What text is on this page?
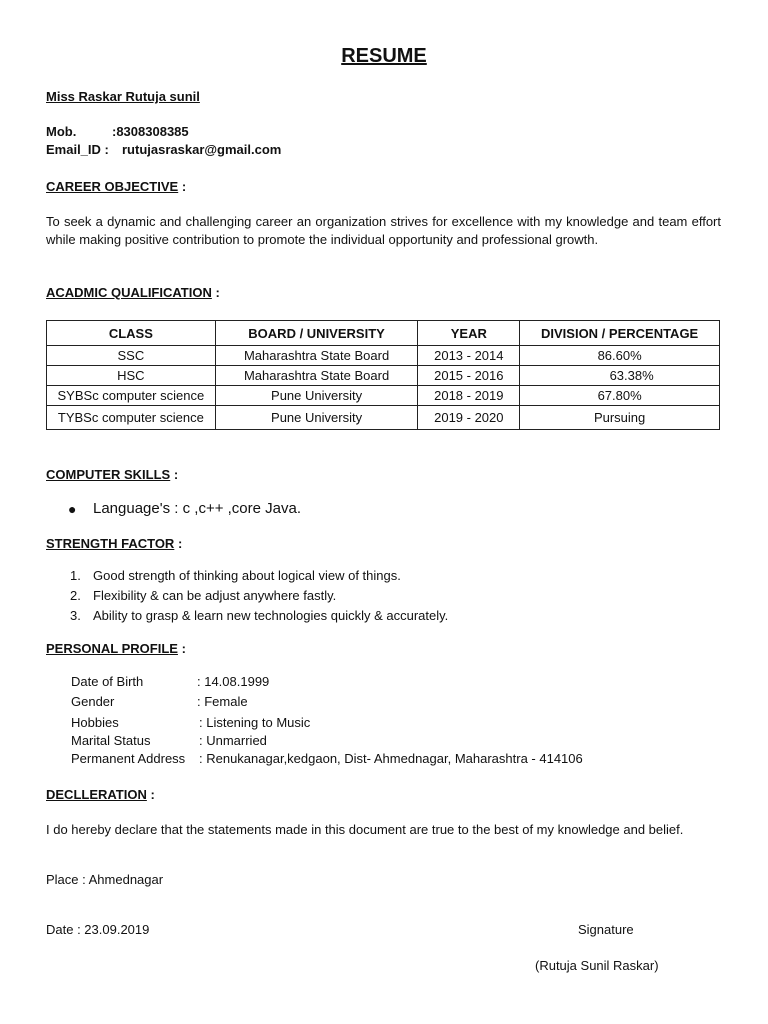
RESUME
Miss Raskar Rutuja sunil
Mob.	:8308308385
Email_ID : rutujasraskar@gmail.com
CAREER OBJECTIVE :
To seek a dynamic and challenging career an organization strives for excellence with my knowledge and team effort while making positive contribution to promote the individual opportunity and professional growth.
ACADMIC QUALIFICATION :
CLASS	BOARD / UNIVERSITY	YEAR	DIVISION / PERCENTAGE
SSC	Maharashtra State Board	2013 - 2014	86.60%
HSC	Maharashtra State Board	2015 - 2016	63.38%
SYBSc computer science	Pune University	2018 - 2019	67.80%
TYBSc computer science	Pune University	2019 - 2020	Pursuing
COMPUTER SKILLS :
● Language's : c ,c++ ,core Java.
STRENGTH FACTOR :
1. Good strength of thinking about logical view of things.
2. Flexibility & can be adjust anywhere fastly.
3. Ability to grasp & learn new technologies quickly & accurately.
PERSONAL PROFILE :
Date of Birth	: 14.08.1999
Gender	: Female
Hobbies	: Listening to Music
Marital Status	: Unmarried
Permanent Address : Renukanagar,kedgaon, Dist- Ahmednagar, Maharashtra - 414106
DECLLERATION :
I do hereby declare that the statements made in this document are true to the best of my knowledge and belief.
Place : Ahmednagar
Date : 23.09.2019	Signature
(Rutuja Sunil Raskar)
